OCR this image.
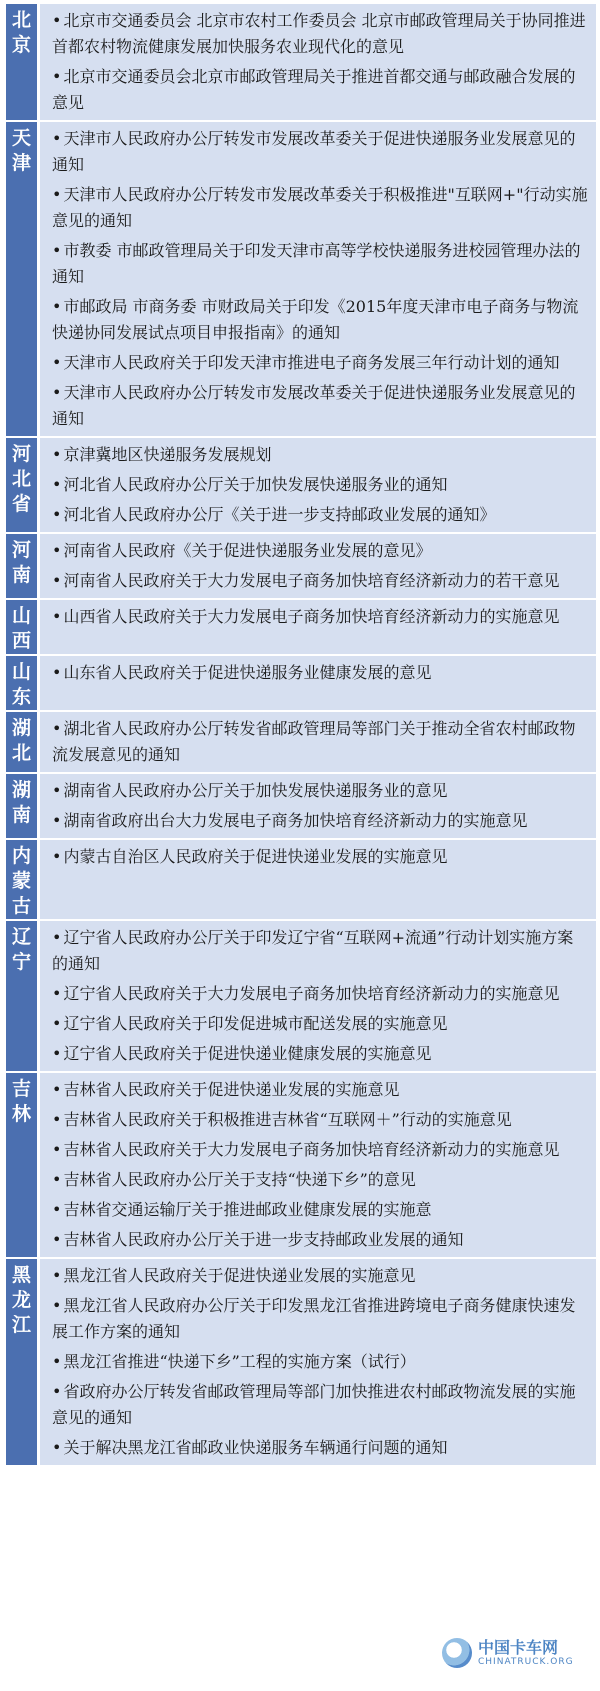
北
京

• 北京市交通委员会 北京市农村工作委员会 北京市邮政管理局关于协同推进首都农村物流健康发展加快服务农业现代化的意见

• 北京市交通委员会北京市邮政管理局关于推进首都交通与邮政融合发展的意见

天
津

• 天津市人民政府办公厅转发市发展改革委关于促进快递服务业发展意见的通知

• 天津市人民政府办公厅转发市发展改革委关于积极推进"互联网+"行动实施意见的通知

• 市教委 市邮政管理局关于印发天津市高等学校快递服务进校园管理办法的通知

• 市邮政局 市商务委 市财政局关于印发《2015年度天津市电子商务与物流快递协同发展试点项目申报指南》的通知

• 天津市人民政府关于印发天津市推进电子商务发展三年行动计划的通知

• 天津市人民政府办公厅转发市发展改革委关于促进快递服务业发展意见的通知

河
北
省

• 京津冀地区快递服务发展规划

• 河北省人民政府办公厅关于加快发展快递服务业的通知

• 河北省人民政府办公厅《关于进一步支持邮政业发展的通知》

河
南

• 河南省人民政府《关于促进快递服务业发展的意见》

• 河南省人民政府关于大力发展电子商务加快培育经济新动力的若干意见

山
西

• 山西省人民政府关于大力发展电子商务加快培育经济新动力的实施意见

山
东

• 山东省人民政府关于促进快递服务业健康发展的意见

湖
北

• 湖北省人民政府办公厅转发省邮政管理局等部门关于推动全省农村邮政物流发展意见的通知

湖
南

• 湖南省人民政府办公厅关于加快发展快递服务业的意见

• 湖南省政府出台大力发展电子商务加快培育经济新动力的实施意见

内
蒙
古

• 内蒙古自治区人民政府关于促进快递业发展的实施意见

辽
宁

• 辽宁省人民政府办公厅关于印发辽宁省“互联网+流通”行动计划实施方案的通知

• 辽宁省人民政府关于大力发展电子商务加快培育经济新动力的实施意见

• 辽宁省人民政府关于印发促进城市配送发展的实施意见

• 辽宁省人民政府关于促进快递业健康发展的实施意见

吉
林

• 吉林省人民政府关于促进快递业发展的实施意见

• 吉林省人民政府关于积极推进吉林省“互联网＋”行动的实施意见

• 吉林省人民政府关于大力发展电子商务加快培育经济新动力的实施意见

• 吉林省人民政府办公厅关于支持“快递下乡”的意见

• 吉林省交通运输厅关于推进邮政业健康发展的实施意

• 吉林省人民政府办公厅关于进一步支持邮政业发展的通知

黑
龙
江

• 黑龙江省人民政府关于促进快递业发展的实施意见

• 黑龙江省人民政府办公厅关于印发黑龙江省推进跨境电子商务健康快速发展工作方案的通知

• 黑龙江省推进“快递下乡”工程的实施方案（试行）

• 省政府办公厅转发省邮政管理局等部门加快推进农村邮政物流发展的实施意见的通知

• 关于解决黑龙江省邮政业快递服务车辆通行问题的通知

中国卡车网
CHINATRUCK.ORG
